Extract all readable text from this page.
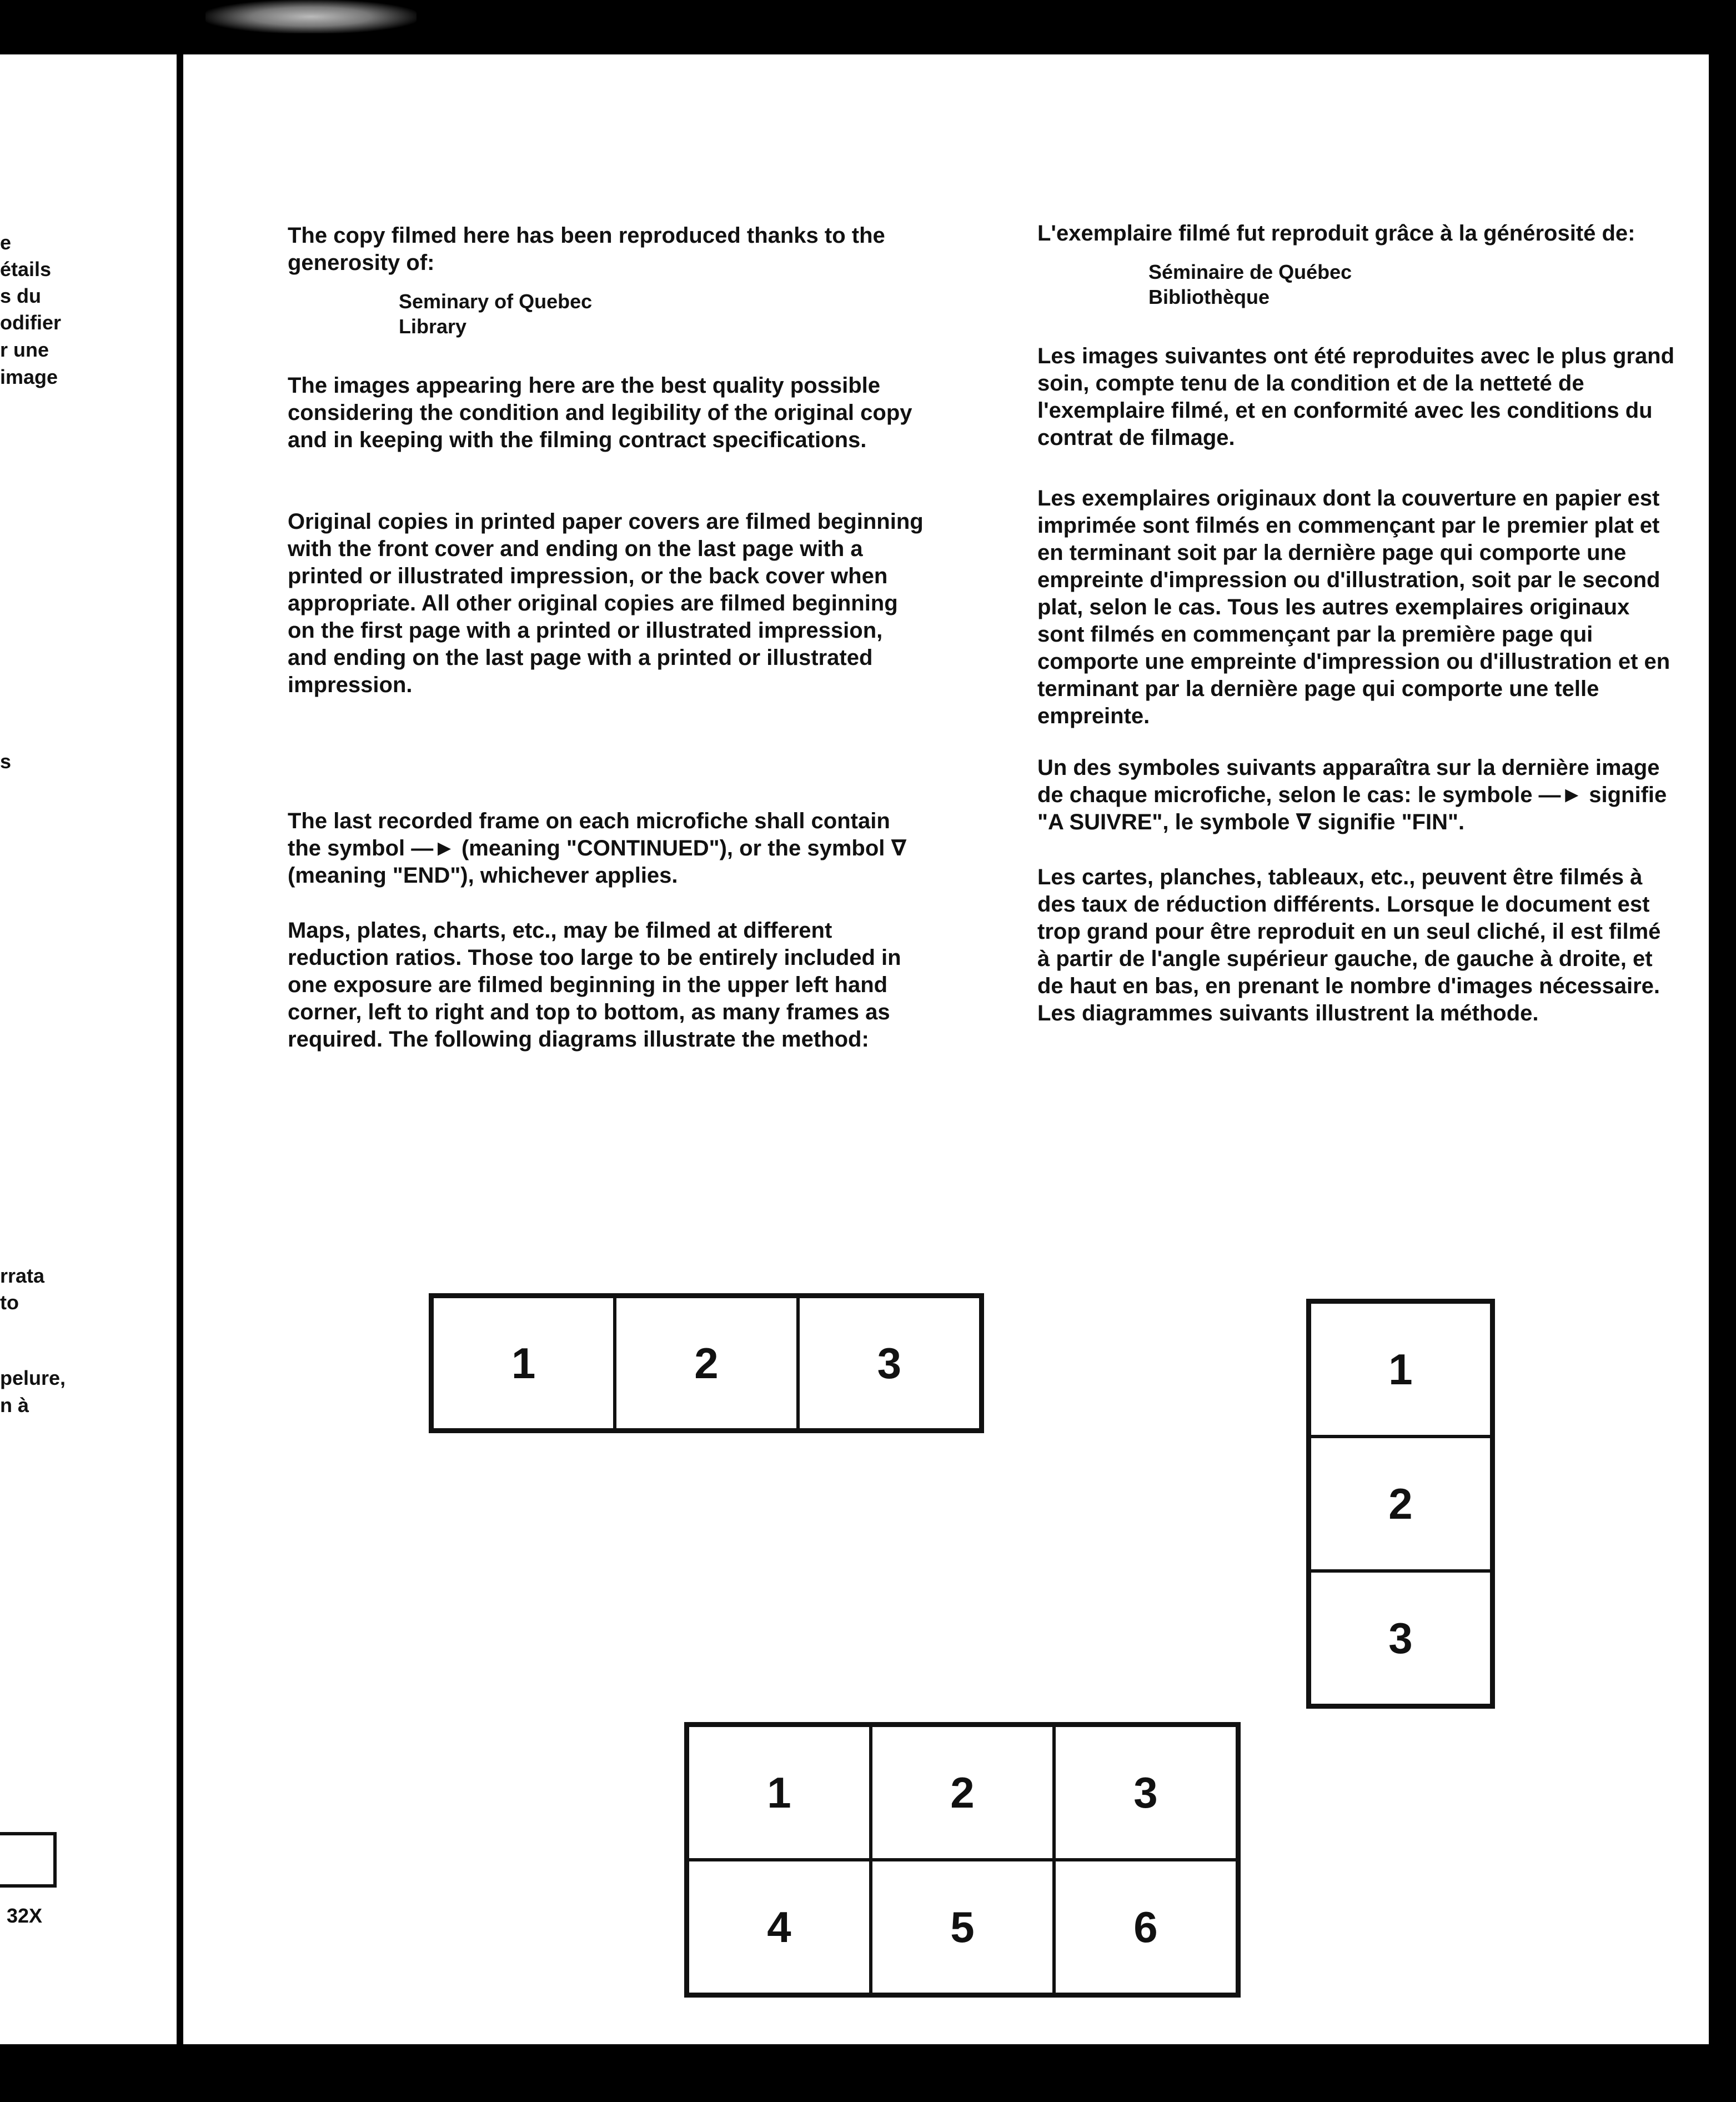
e
étails
s du
odifier
r une
image
s
rrata
to
pelure,
n à
32X

The copy filmed here has been reproduced thanks to the generosity of:

Seminary of Quebec

Library

The images appearing here are the best quality possible considering the condition and legibility of the original copy and in keeping with the filming contract specifications.

Original copies in printed paper covers are filmed beginning with the front cover and ending on the last page with a printed or illustrated impression, or the back cover when appropriate. All other original copies are filmed beginning on the first page with a printed or illustrated impression, and ending on the last page with a printed or illustrated impression.

The last recorded frame on each microfiche shall contain the symbol —► (meaning "CONTINUED"), or the symbol ∇ (meaning "END"), whichever applies.

Maps, plates, charts, etc., may be filmed at different reduction ratios. Those too large to be entirely included in one exposure are filmed beginning in the upper left hand corner, left to right and top to bottom, as many frames as required. The following diagrams illustrate the method:

L'exemplaire filmé fut reproduit grâce à la générosité de:

Séminaire de Québec

Bibliothèque

Les images suivantes ont été reproduites avec le plus grand soin, compte tenu de la condition et de la netteté de l'exemplaire filmé, et en conformité avec les conditions du contrat de filmage.

Les exemplaires originaux dont la couverture en papier est imprimée sont filmés en commençant par le premier plat et en terminant soit par la dernière page qui comporte une empreinte d'impression ou d'illustration, soit par le second plat, selon le cas. Tous les autres exemplaires originaux sont filmés en commençant par la première page qui comporte une empreinte d'impression ou d'illustration et en terminant par la dernière page qui comporte une telle empreinte.

Un des symboles suivants apparaîtra sur la dernière image de chaque microfiche, selon le cas: le symbole —► signifie "A SUIVRE", le symbole ∇ signifie "FIN".

Les cartes, planches, tableaux, etc., peuvent être filmés à des taux de réduction différents. Lorsque le document est trop grand pour être reproduit en un seul cliché, il est filmé à partir de l'angle supérieur gauche, de gauche à droite, et de haut en bas, en prenant le nombre d'images nécessaire. Les diagrammes suivants illustrent la méthode.

1	2	3	1
2
3
1	2	3
4	5	6
